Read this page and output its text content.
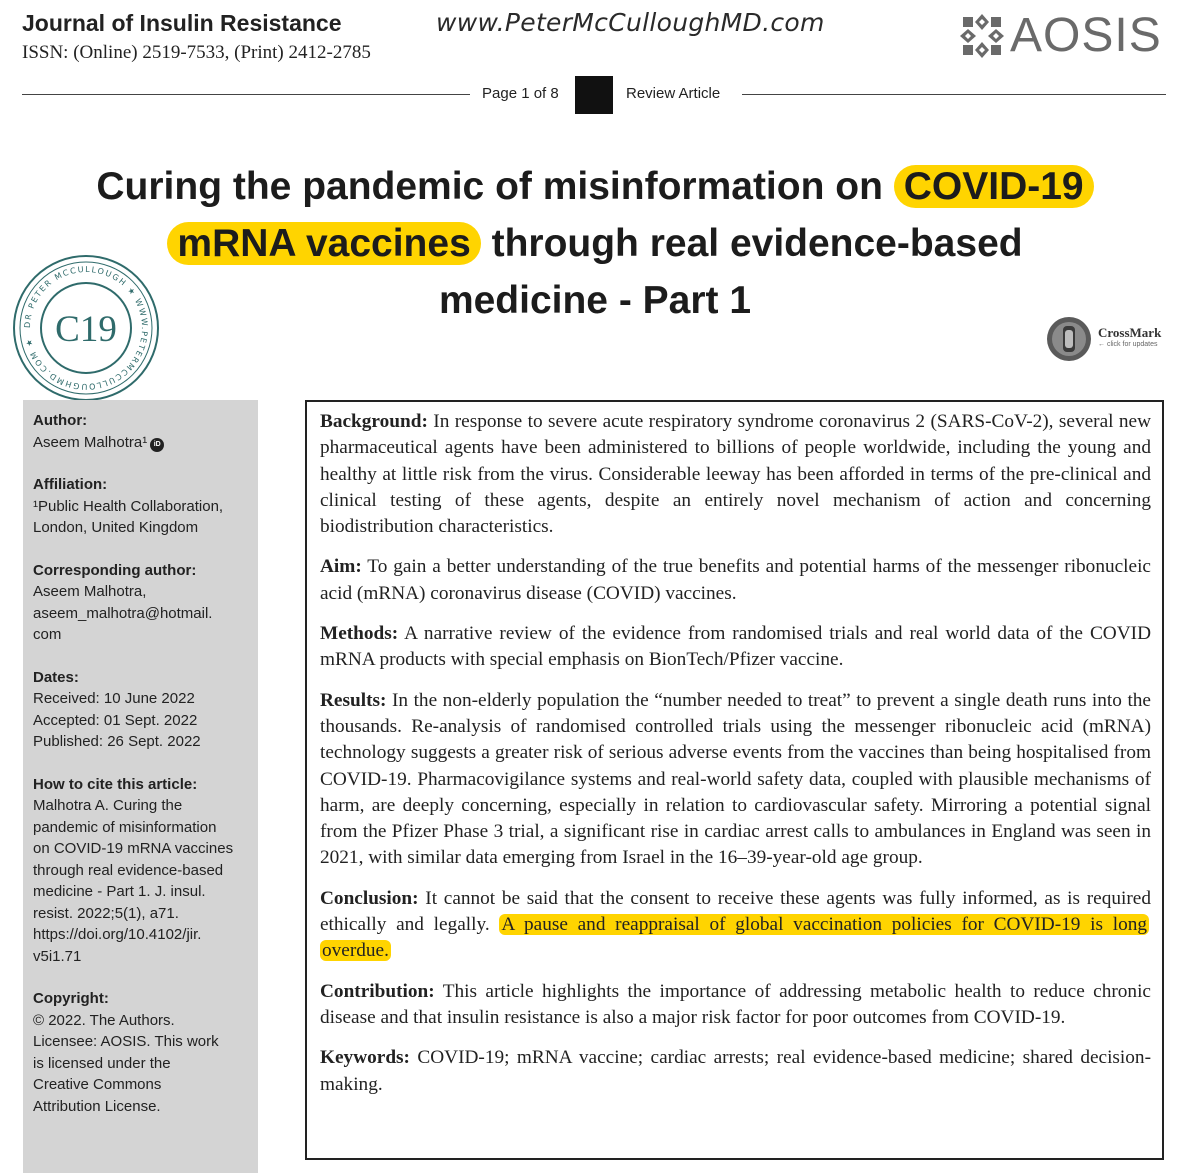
Journal of Insulin Resistance
ISSN: (Online) 2519-7533, (Print) 2412-2785
www.PeterMcCulloughMD.com	AOSIS
Page 1 of 8	Review Article
Curing the pandemic of misinformation on COVID-19
mRNA vaccines through real evidence-based
medicine - Part 1
DR PETER MCCULLOUGH ★ WWW.PETERMCCULLOUGHMD.COM ★ C19	CrossMark
← click for updates
Author:
Aseem Malhotra¹ iD
Affiliation:
¹Public Health Collaboration,
London, United Kingdom
Corresponding author:
Aseem Malhotra,
aseem_malhotra@hotmail.
com
Dates:
Received: 10 June 2022
Accepted: 01 Sept. 2022
Published: 26 Sept. 2022
How to cite this article:
Malhotra A. Curing the
pandemic of misinformation
on COVID-19 mRNA vaccines
through real evidence-based
medicine - Part 1. J. insul.
resist. 2022;5(1), a71.
https://doi.org/10.4102/jir.
v5i1.71
Copyright:
© 2022. The Authors.
Licensee: AOSIS. This work
is licensed under the
Creative Commons
Attribution License.

Background: In response to severe acute respiratory syndrome coronavirus 2 (SARS-CoV-2), several new pharmaceutical agents have been administered to billions of people worldwide, including the young and healthy at little risk from the virus. Considerable leeway has been afforded in terms of the pre-clinical and clinical testing of these agents, despite an entirely novel mechanism of action and concerning biodistribution characteristics.

Aim: To gain a better understanding of the true benefits and potential harms of the messenger ribonucleic acid (mRNA) coronavirus disease (COVID) vaccines.

Methods: A narrative review of the evidence from randomised trials and real world data of the COVID mRNA products with special emphasis on BionTech/Pfizer vaccine.

Results: In the non-elderly population the “number needed to treat” to prevent a single death runs into the thousands. Re-analysis of randomised controlled trials using the messenger ribonucleic acid (mRNA) technology suggests a greater risk of serious adverse events from the vaccines than being hospitalised from COVID-19. Pharmacovigilance systems and real-world safety data, coupled with plausible mechanisms of harm, are deeply concerning, especially in relation to cardiovascular safety. Mirroring a potential signal from the Pfizer Phase 3 trial, a significant rise in cardiac arrest calls to ambulances in England was seen in 2021, with similar data emerging from Israel in the 16–39-year-old age group.

Conclusion: It cannot be said that the consent to receive these agents was fully informed, as is required ethically and legally. A pause and reappraisal of global vaccination policies for COVID-19 is long overdue.

Contribution: This article highlights the importance of addressing metabolic health to reduce chronic disease and that insulin resistance is also a major risk factor for poor outcomes from COVID-19.

Keywords: COVID-19; mRNA vaccine; cardiac arrests; real evidence-based medicine; shared decision-making.
